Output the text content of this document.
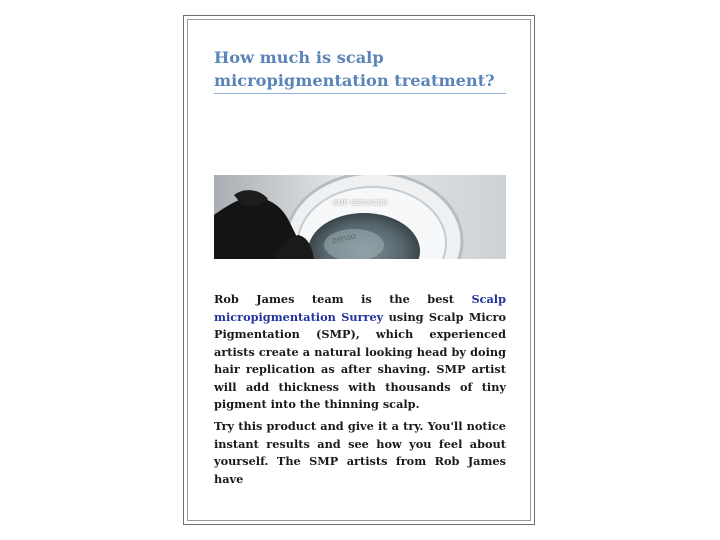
How much is scalp micropigmentation treatment?
zenso
SMP SERVICES

Rob James team is the best Scalp micropigmentation Surrey using Scalp Micro Pigmentation (SMP), which experienced artists create a natural looking head by doing hair replication as after shaving. SMP artist will add thickness with thousands of tiny pigment into the thinning scalp.

Try this product and give it a try. You'll notice instant results and see how you feel about yourself. The SMP artists from Rob James have
